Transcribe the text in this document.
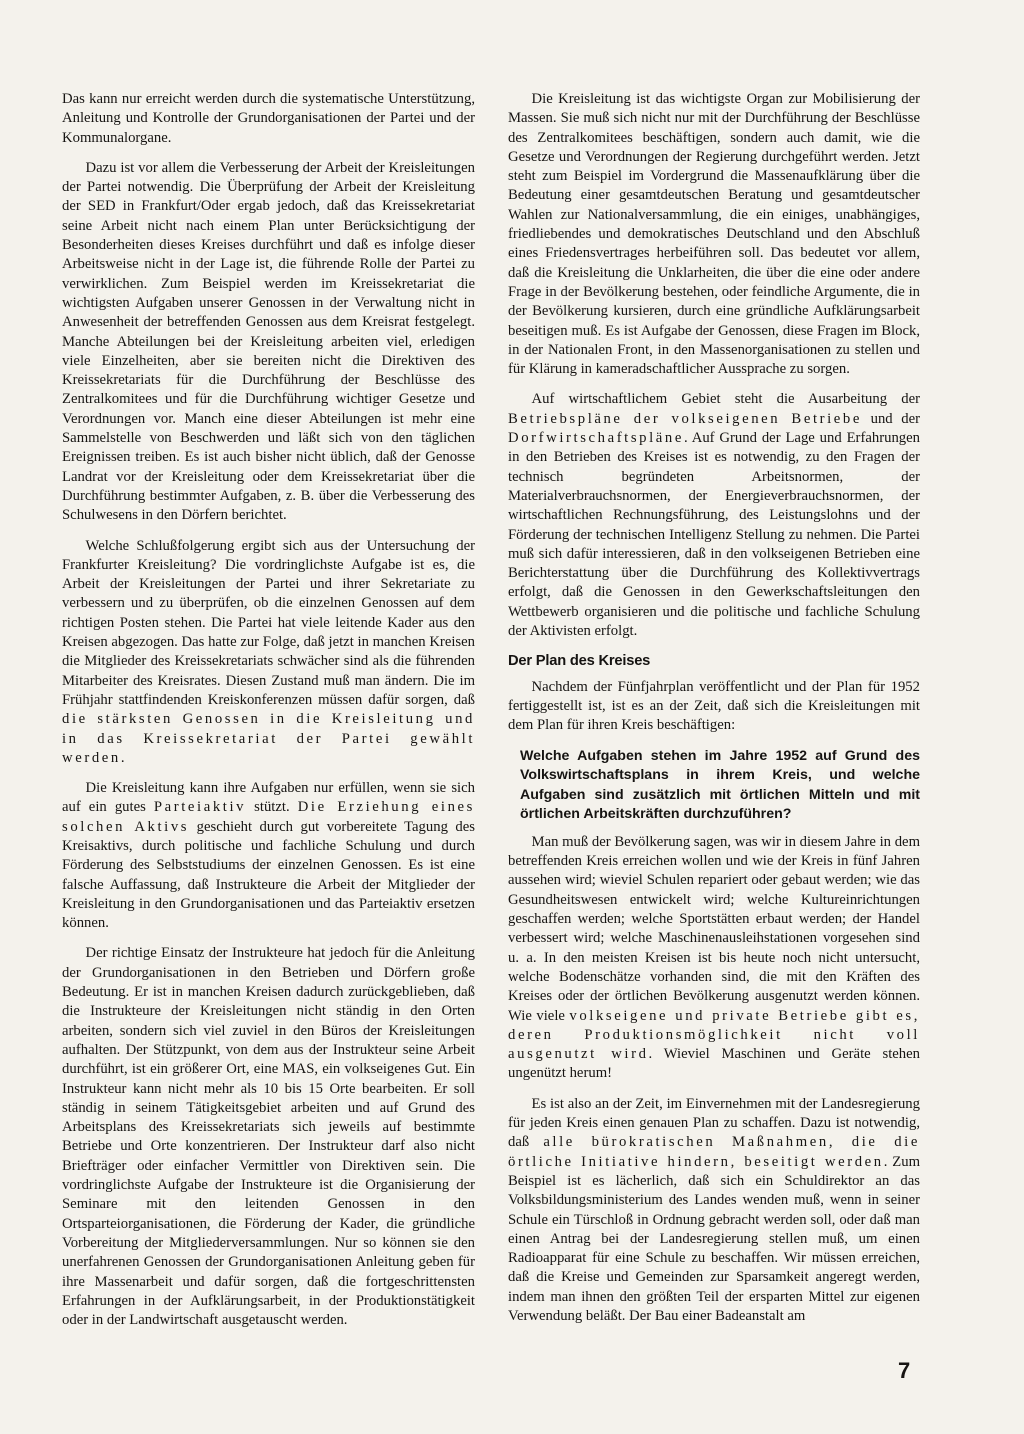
Das kann nur erreicht werden durch die systematische Unterstützung, Anleitung und Kontrolle der Grundorganisationen der Partei und der Kommunalorgane.

Dazu ist vor allem die Verbesserung der Arbeit der Kreisleitungen der Partei notwendig. Die Überprüfung der Arbeit der Kreisleitung der SED in Frankfurt/Oder ergab jedoch, daß das Kreissekretariat seine Arbeit nicht nach einem Plan unter Berücksichtigung der Besonderheiten dieses Kreises durchführt und daß es infolge dieser Arbeitsweise nicht in der Lage ist, die führende Rolle der Partei zu verwirklichen. Zum Beispiel werden im Kreissekretariat die wichtigsten Aufgaben unserer Genossen in der Verwaltung nicht in Anwesenheit der betreffenden Genossen aus dem Kreisrat festgelegt. Manche Abteilungen bei der Kreisleitung arbeiten viel, erledigen viele Einzelheiten, aber sie bereiten nicht die Direktiven des Kreissekretariats für die Durchführung der Beschlüsse des Zentralkomitees und für die Durchführung wichtiger Gesetze und Verordnungen vor. Manch eine dieser Abteilungen ist mehr eine Sammelstelle von Beschwerden und läßt sich von den täglichen Ereignissen treiben. Es ist auch bisher nicht üblich, daß der Genosse Landrat vor der Kreisleitung oder dem Kreissekretariat über die Durchführung bestimmter Aufgaben, z. B. über die Verbesserung des Schulwesens in den Dörfern berichtet.

Welche Schlußfolgerung ergibt sich aus der Untersuchung der Frankfurter Kreisleitung? Die vordringlichste Aufgabe ist es, die Arbeit der Kreisleitungen der Partei und ihrer Sekretariate zu verbessern und zu überprüfen, ob die einzelnen Genossen auf dem richtigen Posten stehen. Die Partei hat viele leitende Kader aus den Kreisen abgezogen. Das hatte zur Folge, daß jetzt in manchen Kreisen die Mitglieder des Kreissekretariats schwächer sind als die führenden Mitarbeiter des Kreisrates. Diesen Zustand muß man ändern. Die im Frühjahr stattfindenden Kreiskonferenzen müssen dafür sorgen, daß die stärksten Genossen in die Kreisleitung und in das Kreissekretariat der Partei gewählt werden.

Die Kreisleitung kann ihre Aufgaben nur erfüllen, wenn sie sich auf ein gutes Parteiaktiv stützt. Die Erziehung eines solchen Aktivs geschieht durch gut vorbereitete Tagung des Kreisaktivs, durch politische und fachliche Schulung und durch Förderung des Selbststudiums der einzelnen Genossen. Es ist eine falsche Auffassung, daß Instrukteure die Arbeit der Mitglieder der Kreisleitung in den Grundorganisationen und das Parteiaktiv ersetzen können.

Der richtige Einsatz der Instrukteure hat jedoch für die Anleitung der Grundorganisationen in den Betrieben und Dörfern große Bedeutung. Er ist in manchen Kreisen dadurch zurückgeblieben, daß die Instrukteure der Kreisleitungen nicht ständig in den Orten arbeiten, sondern sich viel zuviel in den Büros der Kreisleitungen aufhalten. Der Stützpunkt, von dem aus der Instrukteur seine Arbeit durchführt, ist ein größerer Ort, eine MAS, ein volkseigenes Gut. Ein Instrukteur kann nicht mehr als 10 bis 15 Orte bearbeiten. Er soll ständig in seinem Tätigkeitsgebiet arbeiten und auf Grund des Arbeitsplans des Kreissekretariats sich jeweils auf bestimmte Betriebe und Orte konzentrieren. Der Instrukteur darf also nicht Briefträger oder einfacher Vermittler von Direktiven sein. Die vordringlichste Aufgabe der Instrukteure ist die Organisierung der Seminare mit den leitenden Genossen in den Ortsparteiorganisationen, die Förderung der Kader, die gründliche Vorbereitung der Mitgliederversammlungen. Nur so können sie den unerfahrenen Genossen der Grundorganisationen Anleitung geben für ihre Massenarbeit und dafür sorgen, daß die fortgeschrittensten Erfahrungen in der Aufklärungsarbeit, in der Produktionstätigkeit oder in der Landwirtschaft ausgetauscht werden.

Die Kreisleitung ist das wichtigste Organ zur Mobilisierung der Massen. Sie muß sich nicht nur mit der Durchführung der Beschlüsse des Zentralkomitees beschäftigen, sondern auch damit, wie die Gesetze und Verordnungen der Regierung durchgeführt werden. Jetzt steht zum Beispiel im Vordergrund die Massenaufklärung über die Bedeutung einer gesamtdeutschen Beratung und gesamtdeutscher Wahlen zur Nationalversammlung, die ein einiges, unabhängiges, friedliebendes und demokratisches Deutschland und den Abschluß eines Friedensvertrages herbeiführen soll. Das bedeutet vor allem, daß die Kreisleitung die Unklarheiten, die über die eine oder andere Frage in der Bevölkerung bestehen, oder feindliche Argumente, die in der Bevölkerung kursieren, durch eine gründliche Aufklärungsarbeit beseitigen muß. Es ist Aufgabe der Genossen, diese Fragen im Block, in der Nationalen Front, in den Massenorganisationen zu stellen und für Klärung in kameradschaftlicher Aussprache zu sorgen.

Auf wirtschaftlichem Gebiet steht die Ausarbeitung der Betriebspläne der volkseigenen Betriebe und der Dorfwirtschaftspläne. Auf Grund der Lage und Erfahrungen in den Betrieben des Kreises ist es notwendig, zu den Fragen der technisch begründeten Arbeitsnormen, der Materialverbrauchsnormen, der Energieverbrauchsnormen, der wirtschaftlichen Rechnungsführung, des Leistungslohns und der Förderung der technischen Intelligenz Stellung zu nehmen. Die Partei muß sich dafür interessieren, daß in den volkseigenen Betrieben eine Berichterstattung über die Durchführung des Kollektivvertrags erfolgt, daß die Genossen in den Gewerkschaftsleitungen den Wettbewerb organisieren und die politische und fachliche Schulung der Aktivisten erfolgt.

Der Plan des Kreises

Nachdem der Fünfjahrplan veröffentlicht und der Plan für 1952 fertiggestellt ist, ist es an der Zeit, daß sich die Kreisleitungen mit dem Plan für ihren Kreis beschäftigen:

Welche Aufgaben stehen im Jahre 1952 auf Grund des Volkswirtschaftsplans in ihrem Kreis, und welche Aufgaben sind zusätzlich mit örtlichen Mitteln und mit örtlichen Arbeitskräften durchzuführen?

Man muß der Bevölkerung sagen, was wir in diesem Jahre in dem betreffenden Kreis erreichen wollen und wie der Kreis in fünf Jahren aussehen wird; wieviel Schulen repariert oder gebaut werden; wie das Gesundheitswesen entwickelt wird; welche Kultureinrichtungen geschaffen werden; welche Sportstätten erbaut werden; der Handel verbessert wird; welche Maschinenausleihstationen vorgesehen sind u. a. In den meisten Kreisen ist bis heute noch nicht untersucht, welche Bodenschätze vorhanden sind, die mit den Kräften des Kreises oder der örtlichen Bevölkerung ausgenutzt werden können. Wie viele volkseigene und private Betriebe gibt es, deren Produktionsmöglichkeit nicht voll ausgenutzt wird. Wieviel Maschinen und Geräte stehen ungenützt herum!

Es ist also an der Zeit, im Einvernehmen mit der Landesregierung für jeden Kreis einen genauen Plan zu schaffen. Dazu ist notwendig, daß alle bürokratischen Maßnahmen, die die örtliche Initiative hindern, beseitigt werden. Zum Beispiel ist es lächerlich, daß sich ein Schuldirektor an das Volksbildungsministerium des Landes wenden muß, wenn in seiner Schule ein Türschloß in Ordnung gebracht werden soll, oder daß man einen Antrag bei der Landesregierung stellen muß, um einen Radioapparat für eine Schule zu beschaffen. Wir müssen erreichen, daß die Kreise und Gemeinden zur Sparsamkeit angeregt werden, indem man ihnen den größten Teil der ersparten Mittel zur eigenen Verwendung beläßt. Der Bau einer Badeanstalt am

7
